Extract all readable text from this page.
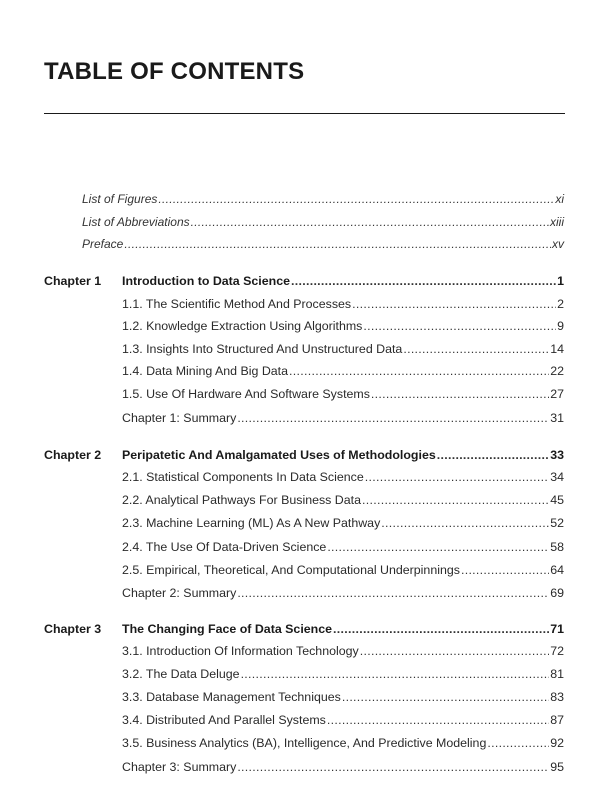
TABLE OF CONTENTS
List of Figures .....	xi
List of Abbreviations .....	xiii
Preface .....	xv
Chapter 1 Introduction to Data Science .....	1
1.1. The Scientific Method And Processes .....	2
1.2. Knowledge Extraction Using Algorithms .....	9
1.3. Insights Into Structured And Unstructured Data .....	14
1.4. Data Mining And Big Data .....	22
1.5. Use Of Hardware And Software Systems .....	27
Chapter 1: Summary .....	31
Chapter 2 Peripatetic And Amalgamated Uses of Methodologies .....	33
2.1. Statistical Components In Data Science .....	34
2.2. Analytical Pathways For Business Data .....	45
2.3. Machine Learning (ML) As A New Pathway .....	52
2.4. The Use Of Data-Driven Science .....	58
2.5. Empirical, Theoretical, And Computational Underpinnings .....	64
Chapter 2: Summary .....	69
Chapter 3 The Changing Face of Data Science .....	71
3.1. Introduction Of Information Technology .....	72
3.2. The Data Deluge .....	81
3.3. Database Management Techniques .....	83
3.4. Distributed And Parallel Systems .....	87
3.5. Business Analytics (BA), Intelligence, And Predictive Modeling .....	92
Chapter 3: Summary .....	95
